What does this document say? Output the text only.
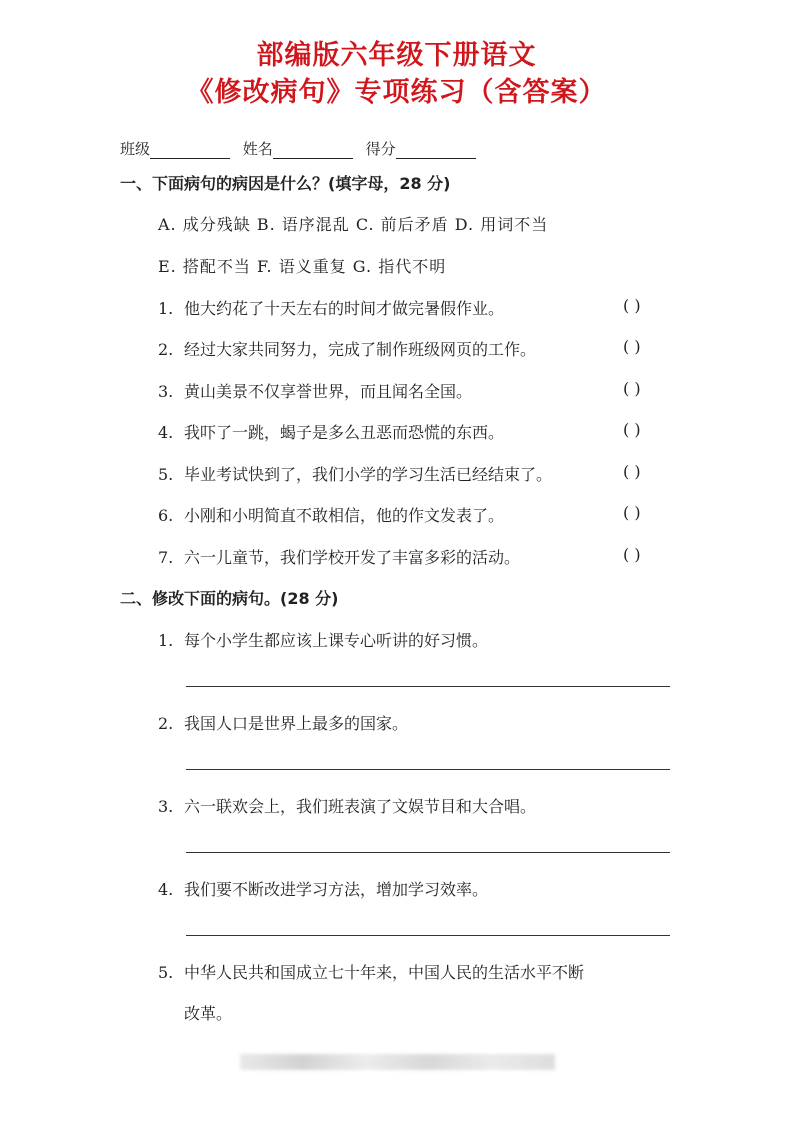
部编版六年级下册语文
《修改病句》专项练习（含答案）
班级	姓名	得分
一、下面病句的病因是什么？(填字母，28 分)
A. 成分残缺 B. 语序混乱 C. 前后矛盾 D. 用词不当
E. 搭配不当 F. 语义重复 G. 指代不明
1. 他大约花了十天左右的时间才做完暑假作业。	( )
2. 经过大家共同努力，完成了制作班级网页的工作。	( )
3. 黄山美景不仅享誉世界，而且闻名全国。	( )
4. 我吓了一跳，蝎子是多么丑恶而恐慌的东西。	( )
5. 毕业考试快到了，我们小学的学习生活已经结束了。	( )
6. 小刚和小明简直不敢相信，他的作文发表了。	( )
7. 六一儿童节，我们学校开发了丰富多彩的活动。	( )
二、修改下面的病句。(28 分)
1. 每个小学生都应该上课专心听讲的好习惯。
2. 我国人口是世界上最多的国家。
3. 六一联欢会上，我们班表演了文娱节目和大合唱。
4. 我们要不断改进学习方法，增加学习效率。
5. 中华人民共和国成立七十年来，中国人民的生活水平不断
改革。
